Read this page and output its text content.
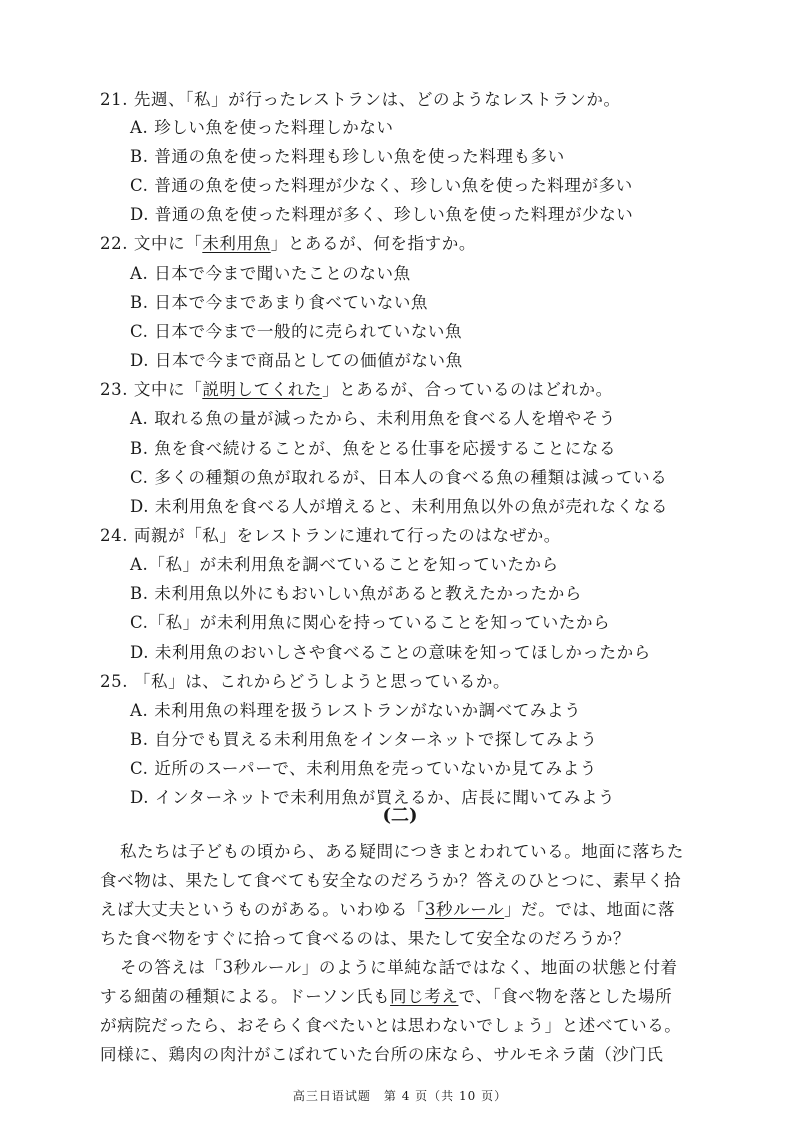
21. 先週、「私」が行ったレストランは、どのようなレストランか。
A. 珍しい魚を使った料理しかない
B. 普通の魚を使った料理も珍しい魚を使った料理も多い
C. 普通の魚を使った料理が少なく、珍しい魚を使った料理が多い
D. 普通の魚を使った料理が多く、珍しい魚を使った料理が少ない
22. 文中に「未利用魚」とあるが、何を指すか。
A. 日本で今まで聞いたことのない魚
B. 日本で今まであまり食べていない魚
C. 日本で今まで一般的に売られていない魚
D. 日本で今まで商品としての価値がない魚
23. 文中に「説明してくれた」とあるが、合っているのはどれか。
A. 取れる魚の量が減ったから、未利用魚を食べる人を増やそう
B. 魚を食べ続けることが、魚をとる仕事を応援することになる
C. 多くの種類の魚が取れるが、日本人の食べる魚の種類は減っている
D. 未利用魚を食べる人が増えると、未利用魚以外の魚が売れなくなる
24. 両親が「私」をレストランに連れて行ったのはなぜか。
A.「私」が未利用魚を調べていることを知っていたから
B. 未利用魚以外にもおいしい魚があると教えたかったから
C.「私」が未利用魚に関心を持っていることを知っていたから
D. 未利用魚のおいしさや食べることの意味を知ってほしかったから
25. 「私」は、これからどうしようと思っているか。
A. 未利用魚の料理を扱うレストランがないか調べてみよう
B. 自分でも買える未利用魚をインターネットで探してみよう
C. 近所のスーパーで、未利用魚を売っていないか見てみよう
D. インターネットで未利用魚が買えるか、店長に聞いてみよう
(二)
私たちは子どもの頃から、ある疑問につきまとわれている。地面に落ちた
食べ物は、果たして食べても安全なのだろうか？答えのひとつに、素早く拾
えば大丈夫というものがある。いわゆる「3秒ルール」だ。では、地面に落
ちた食べ物をすぐに拾って食べるのは、果たして安全なのだろうか？
その答えは「3秒ルール」のように単純な話ではなく、地面の状態と付着
する細菌の種類による。ドーソン氏も同じ考えで、「食べ物を落とした場所
が病院だったら、おそらく食べたいとは思わないでしょう」と述べている。
同様に、鶏肉の肉汁がこぼれていた台所の床なら、サルモネラ菌（沙门氏
高三日语试题　第 4 页（共 10 页）
